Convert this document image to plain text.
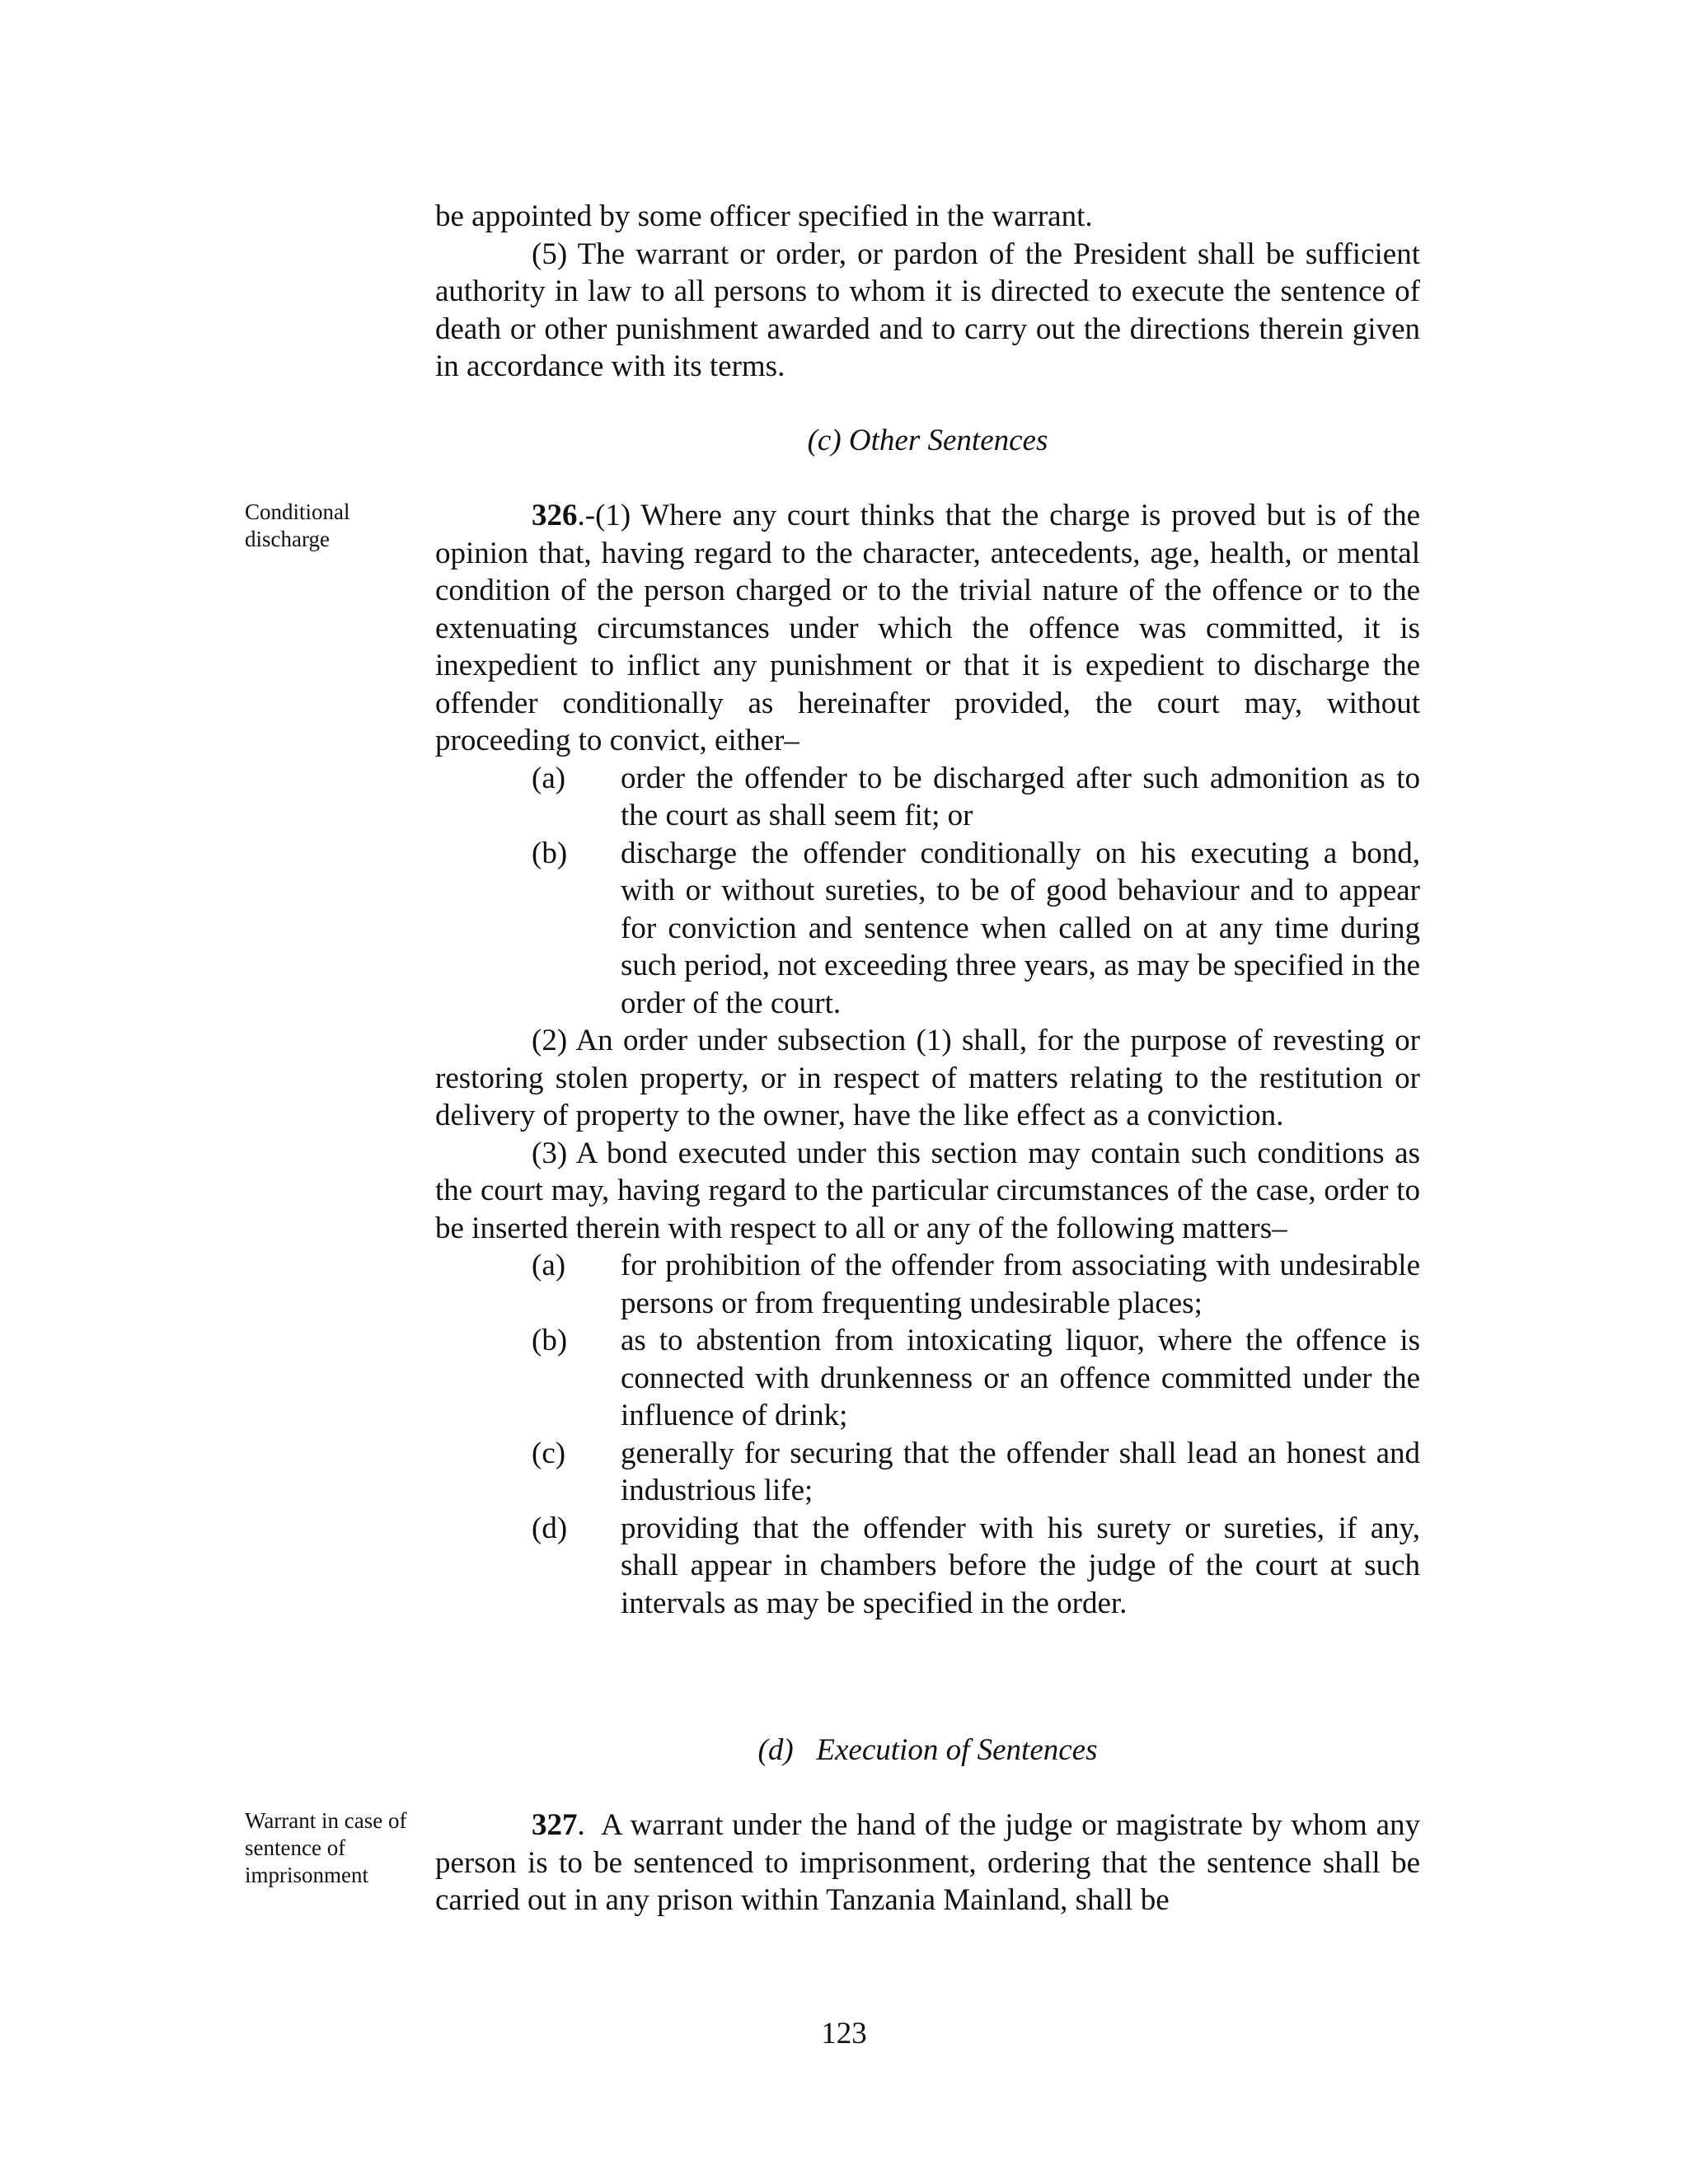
be appointed by some officer specified in the warrant.

(5) The warrant or order, or pardon of the President shall be sufficient authority in law to all persons to whom it is directed to execute the sentence of death or other punishment awarded and to carry out the directions therein given in accordance with its terms.

(c) Other Sentences

Conditional discharge

326.-(1) Where any court thinks that the charge is proved but is of the opinion that, having regard to the character, antecedents, age, health, or mental condition of the person charged or to the trivial nature of the offence or to the extenuating circumstances under which the offence was committed, it is inexpedient to inflict any punishment or that it is expedient to discharge the offender conditionally as hereinafter provided, the court may, without proceeding to convict, either–

(a)	order the offender to be discharged after such admonition as to the court as shall seem fit; or
(b)	discharge the offender conditionally on his executing a bond, with or without sureties, to be of good behaviour and to appear for conviction and sentence when called on at any time during such period, not exceeding three years, as may be specified in the order of the court.

(2) An order under subsection (1) shall, for the purpose of revesting or restoring stolen property, or in respect of matters relating to the restitution or delivery of property to the owner, have the like effect as a conviction.

(3) A bond executed under this section may contain such conditions as the court may, having regard to the particular circumstances of the case, order to be inserted therein with respect to all or any of the following matters–

(a)	for prohibition of the offender from associating with undesirable persons or from frequenting undesirable places;
(b)	as to abstention from intoxicating liquor, where the offence is connected with drunkenness or an offence committed under the influence of drink;
(c)	generally for securing that the offender shall lead an honest and industrious life;
(d)	providing that the offender with his surety or sureties, if any, shall appear in chambers before the judge of the court at such intervals as may be specified in the order.

(d)   Execution of Sentences

Warrant in case of sentence of imprisonment

327.  A warrant under the hand of the judge or magistrate by whom any person is to be sentenced to imprisonment, ordering that the sentence shall be carried out in any prison within Tanzania Mainland, shall be

123
